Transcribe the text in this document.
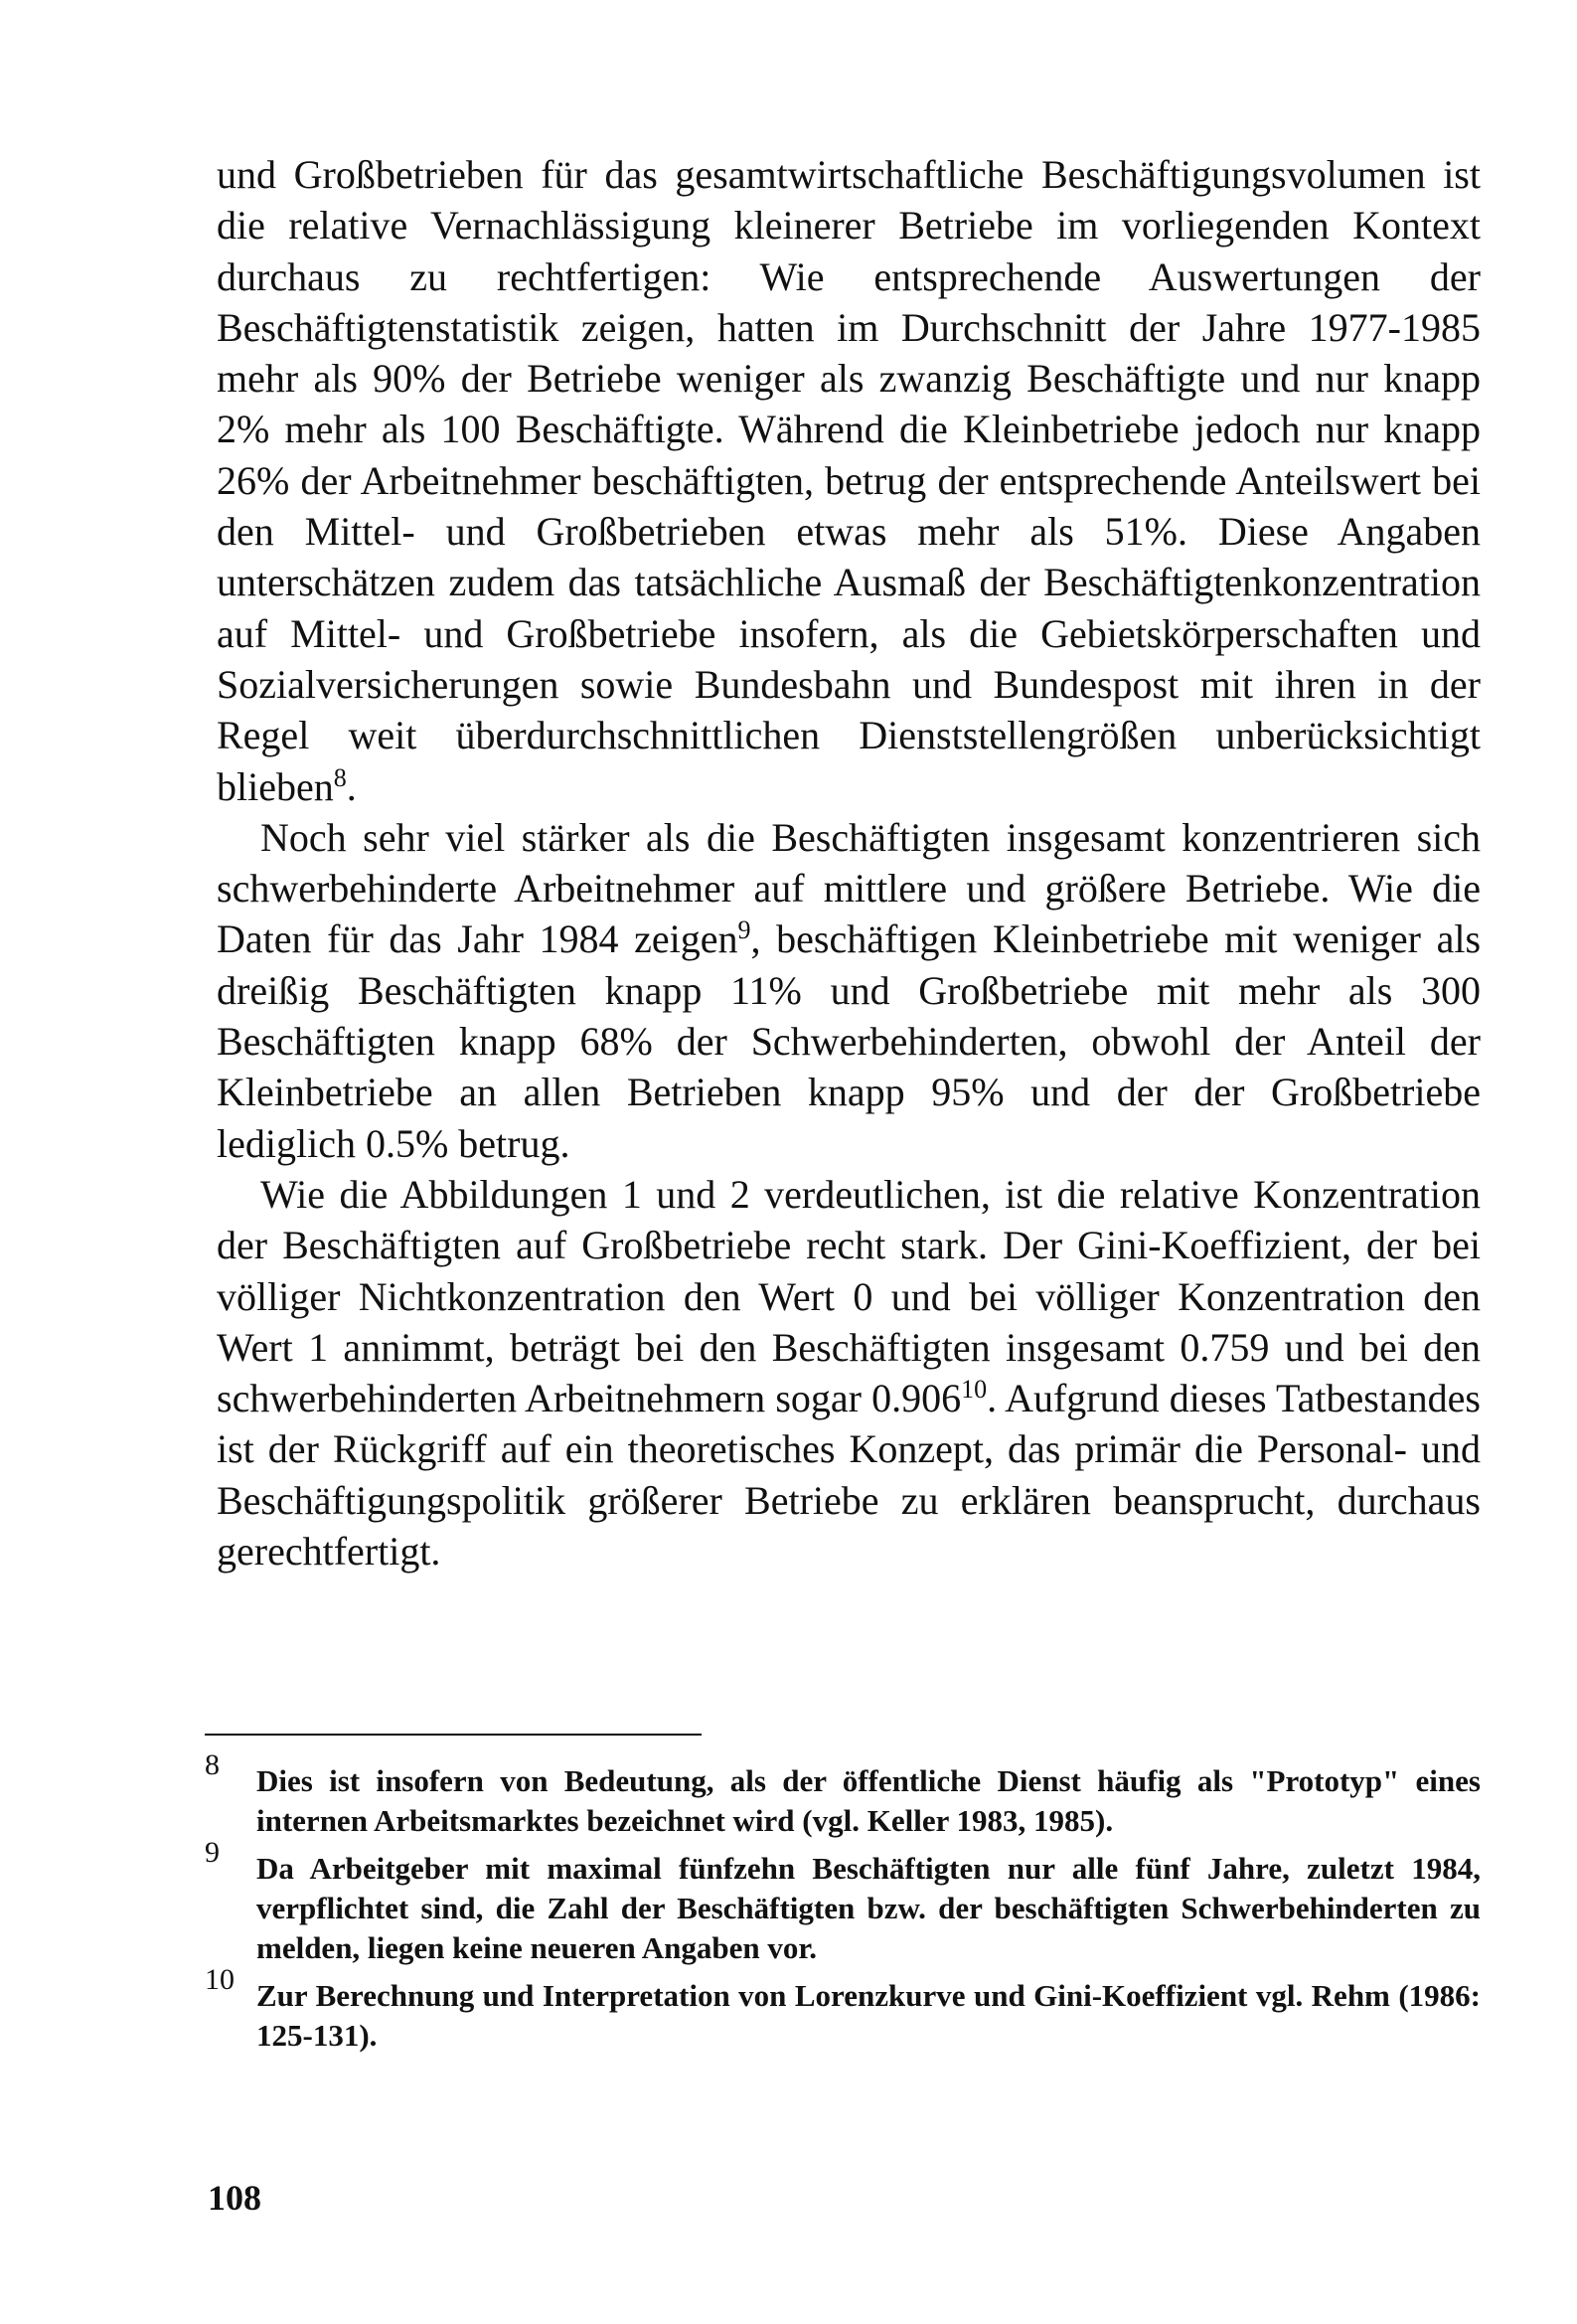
und Großbetrieben für das gesamtwirtschaftliche Beschäftigungsvolumen ist die relative Vernachlässigung kleinerer Betriebe im vorliegenden Kontext durchaus zu rechtfertigen: Wie entsprechende Auswertungen der Beschäftigtenstatistik zeigen, hatten im Durchschnitt der Jahre 1977-1985 mehr als 90% der Betriebe weniger als zwanzig Beschäftigte und nur knapp 2% mehr als 100 Beschäftigte. Während die Kleinbetriebe jedoch nur knapp 26% der Arbeitnehmer beschäftigten, betrug der entsprechende Anteilswert bei den Mittel- und Großbetrieben etwas mehr als 51%. Diese Angaben unterschätzen zudem das tatsächliche Ausmaß der Beschäftigtenkonzentration auf Mittel- und Großbetriebe insofern, als die Gebietskörperschaften und Sozialversicherungen sowie Bundesbahn und Bundespost mit ihren in der Regel weit überdurchschnittlichen Dienststellengrößen unberücksichtigt blieben$^8$.

Noch sehr viel stärker als die Beschäftigten insgesamt konzentrieren sich schwerbehinderte Arbeitnehmer auf mittlere und größere Betriebe. Wie die Daten für das Jahr 1984 zeigen$^9$, beschäftigen Kleinbetriebe mit weniger als dreißig Beschäftigten knapp 11% und Großbetriebe mit mehr als 300 Beschäftigten knapp 68% der Schwerbehinderten, obwohl der Anteil der Kleinbetriebe an allen Betrieben knapp 95% und der der Großbetriebe lediglich 0.5% betrug.

Wie die Abbildungen 1 und 2 verdeutlichen, ist die relative Konzentration der Beschäftigten auf Großbetriebe recht stark. Der Gini-Koeffizient, der bei völliger Nichtkonzentration den Wert 0 und bei völliger Konzentration den Wert 1 annimmt, beträgt bei den Beschäftigten insgesamt 0.759 und bei den schwerbehinderten Arbeitnehmern sogar 0.906$^{10}$. Aufgrund dieses Tatbestandes ist der Rückgriff auf ein theoretisches Konzept, das primär die Personal- und Beschäftigungspolitik größerer Betriebe zu erklären beansprucht, durchaus gerechtfertigt.

8 Dies ist insofern von Bedeutung, als der öffentliche Dienst häufig als "Prototyp" eines internen Arbeitsmarktes bezeichnet wird (vgl. Keller 1983, 1985).
9 Da Arbeitgeber mit maximal fünfzehn Beschäftigten nur alle fünf Jahre, zuletzt 1984, verpflichtet sind, die Zahl der Beschäftigten bzw. der beschäftigten Schwerbehinderten zu melden, liegen keine neueren Angaben vor.
10 Zur Berechnung und Interpretation von Lorenzkurve und Gini-Koeffizient vgl. Rehm (1986: 125-131).
108
